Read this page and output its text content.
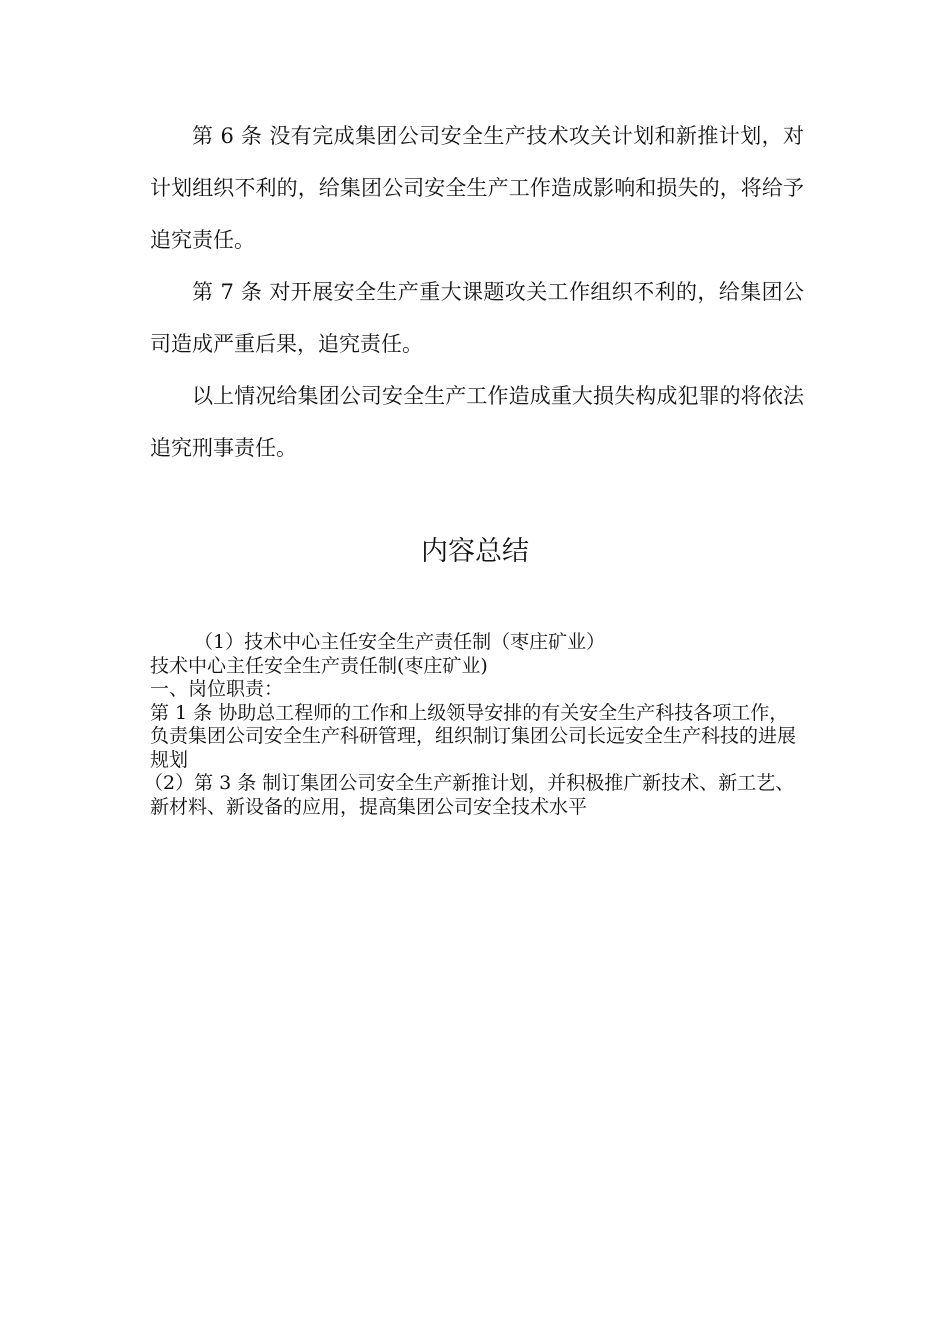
第 6 条 没有完成集团公司安全生产技术攻关计划和新推计划，对计划组织不利的，给集团公司安全生产工作造成影响和损失的，将给予追究责任。

第 7 条 对开展安全生产重大课题攻关工作组织不利的，给集团公司造成严重后果，追究责任。

以上情况给集团公司安全生产工作造成重大损失构成犯罪的将依法追究刑事责任。

内容总结

（1）技术中心主任安全生产责任制（枣庄矿业）

技术中心主任安全生产责任制(枣庄矿业)

一、岗位职责：

第 1 条 协助总工程师的工作和上级领导安排的有关安全生产科技各项工作，负责集团公司安全生产科研管理，组织制订集团公司长远安全生产科技的进展规划

（2）第 3 条 制订集团公司安全生产新推计划，并积极推广新技术、新工艺、新材料、新设备的应用，提高集团公司安全技术水平
